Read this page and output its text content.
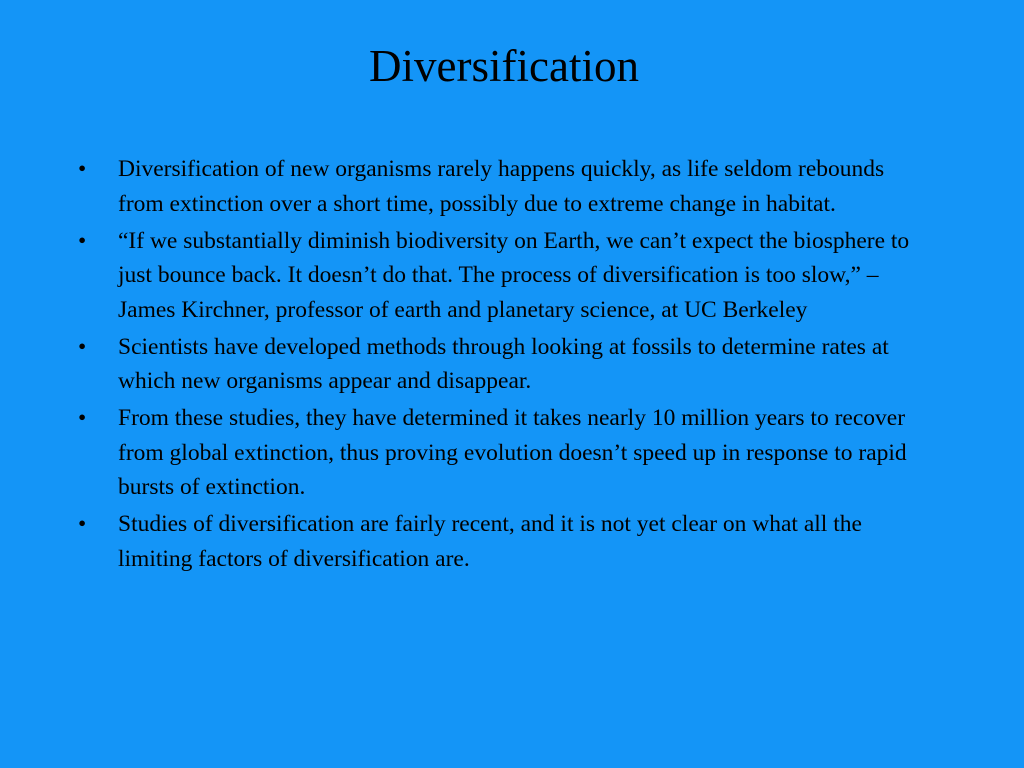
Diversification
• Diversification of new organisms rarely happens quickly, as life seldom rebounds from extinction over a short time, possibly due to extreme change in habitat.
• “If we substantially diminish biodiversity on Earth, we can’t expect the biosphere to just bounce back. It doesn’t do that. The process of diversification is too slow,” – James Kirchner, professor of earth and planetary science, at UC Berkeley
• Scientists have developed methods through looking at fossils to determine rates at which new organisms appear and disappear.
• From these studies, they have determined it takes nearly 10 million years to recover from global extinction, thus proving evolution doesn’t speed up in response to rapid bursts of extinction.
• Studies of diversification are fairly recent, and it is not yet clear on what all the limiting factors of diversification are.
